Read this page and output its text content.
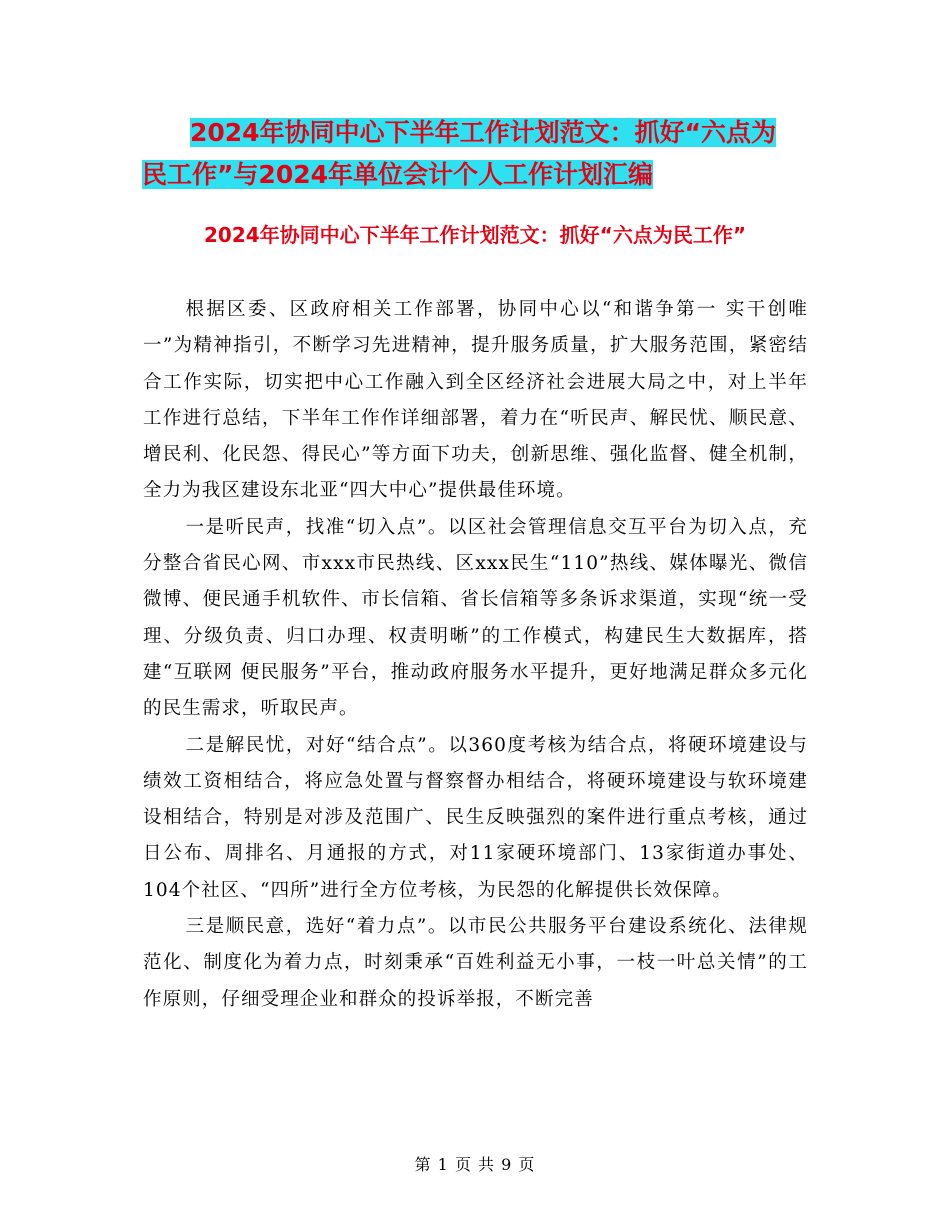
2024年协同中心下半年工作计划范文：抓好“六点为
民工作”与2024年单位会计个人工作计划汇编
2024年协同中心下半年工作计划范文：抓好“六点为民工作”

根据区委、区政府相关工作部署，协同中心以“和谐争第一 实干创唯一”为精神指引，不断学习先进精神，提升服务质量，扩大服务范围，紧密结合工作实际，切实把中心工作融入到全区经济社会进展大局之中，对上半年工作进行总结，下半年工作作详细部署，着力在“听民声、解民忧、顺民意、增民利、化民怨、得民心”等方面下功夫，创新思维、强化监督、健全机制，全力为我区建设东北亚“四大中心”提供最佳环境。

一是听民声，找准“切入点”。以区社会管理信息交互平台为切入点，充分整合省民心网、市xxx市民热线、区xxx民生“110”热线、媒体曝光、微信微博、便民通手机软件、市长信箱、省长信箱等多条诉求渠道，实现“统一受理、分级负责、归口办理、权责明晰”的工作模式，构建民生大数据库，搭建“互联网 便民服务”平台，推动政府服务水平提升，更好地满足群众多元化的民生需求，听取民声。

二是解民忧，对好“结合点”。以360度考核为结合点，将硬环境建设与绩效工资相结合，将应急处置与督察督办相结合，将硬环境建设与软环境建设相结合，特别是对涉及范围广、民生反映强烈的案件进行重点考核，通过日公布、周排名、月通报的方式，对11家硬环境部门、13家街道办事处、104个社区、“四所”进行全方位考核，为民怨的化解提供长效保障。

三是顺民意，选好“着力点”。以市民公共服务平台建设系统化、法律规范化、制度化为着力点，时刻秉承“百姓利益无小事，一枝一叶总关情”的工作原则，仔细受理企业和群众的投诉举报，不断完善

第 1 页 共 9 页
